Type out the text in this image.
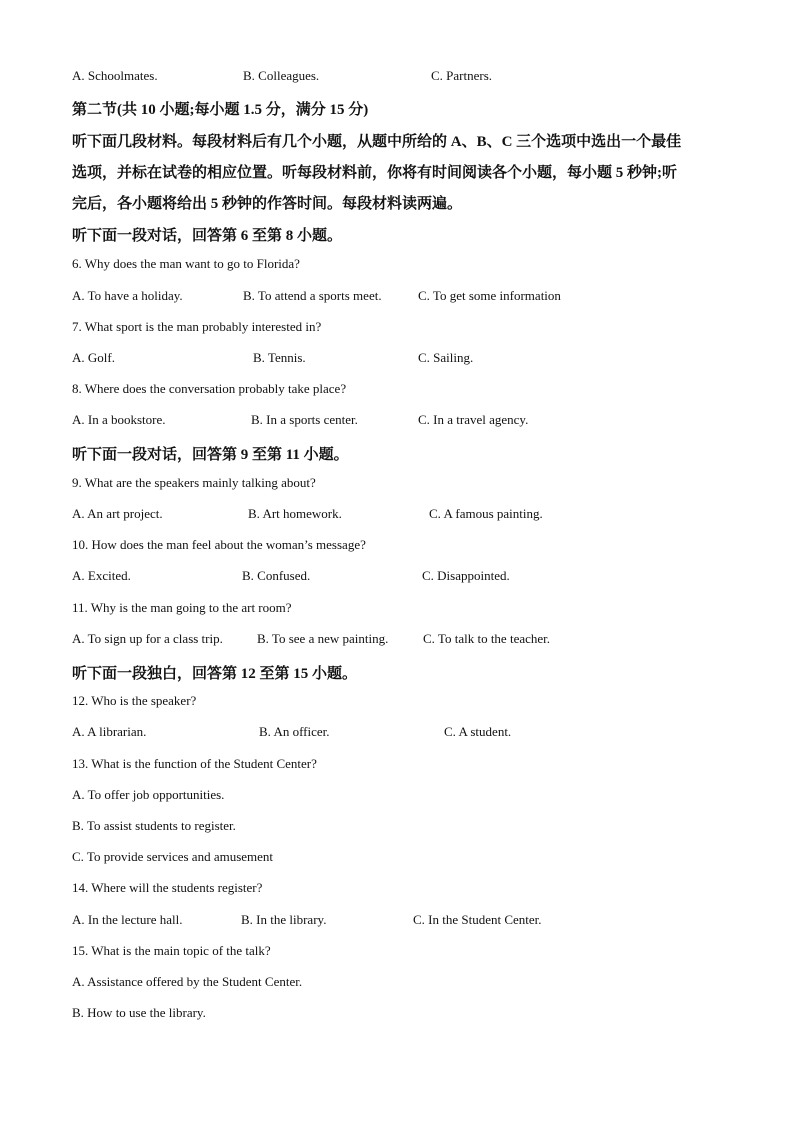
A. Schoolmates.	B. Colleagues.	C. Partners.
第二节(共 10 小题;每小题 1.5 分，满分 15 分)
听下面几段材料。每段材料后有几个小题，从题中所给的 A、B、C 三个选项中选出一个最佳
选项，并标在试卷的相应位置。听每段材料前，你将有时间阅读各个小题，每小题 5 秒钟;听
完后，各小题将给出 5 秒钟的作答时间。每段材料读两遍。
听下面一段对话，回答第 6 至第 8 小题。
6. Why does the man want to go to Florida?
A. To have a holiday.	B. To attend a sports meet.	C. To get some information
7. What sport is the man probably interested in?
A. Golf.	B. Tennis.	C. Sailing.
8. Where does the conversation probably take place?
A. In a bookstore.	B. In a sports center.	C. In a travel agency.
听下面一段对话，回答第 9 至第 11 小题。
9. What are the speakers mainly talking about?
A. An art project.	B. Art homework.	C. A famous painting.
10. How does the man feel about the woman’s message?
A. Excited.	B. Confused.	C. Disappointed.
11. Why is the man going to the art room?
A. To sign up for a class trip.	B. To see a new painting.	C. To talk to the teacher.
听下面一段独白，回答第 12 至第 15 小题。
12. Who is the speaker?
A. A librarian.	B. An officer.	C. A student.
13. What is the function of the Student Center?
A. To offer job opportunities.
B. To assist students to register.
C. To provide services and amusement
14. Where will the students register?
A. In the lecture hall.	B. In the library.	C. In the Student Center.
15. What is the main topic of the talk?
A. Assistance offered by the Student Center.
B. How to use the library.
